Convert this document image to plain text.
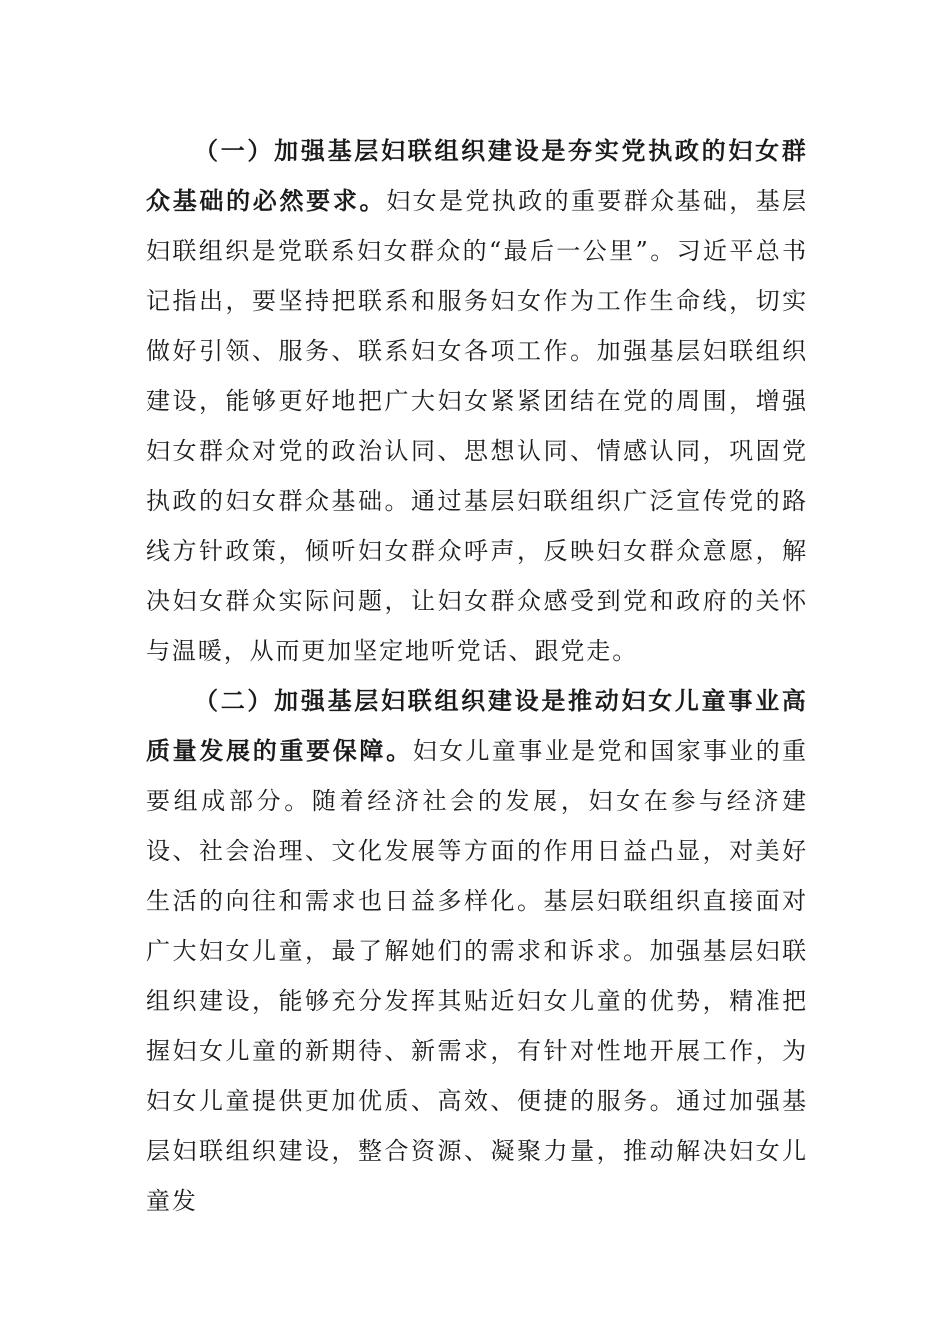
（一）加强基层妇联组织建设是夯实党执政的妇女群众基础的必然要求。妇女是党执政的重要群众基础，基层妇联组织是党联系妇女群众的“最后一公里”。习近平总书记指出，要坚持把联系和服务妇女作为工作生命线，切实做好引领、服务、联系妇女各项工作。加强基层妇联组织建设，能够更好地把广大妇女紧紧团结在党的周围，增强妇女群众对党的政治认同、思想认同、情感认同，巩固党执政的妇女群众基础。通过基层妇联组织广泛宣传党的路线方针政策，倾听妇女群众呼声，反映妇女群众意愿，解决妇女群众实际问题，让妇女群众感受到党和政府的关怀与温暖，从而更加坚定地听党话、跟党走。

（二）加强基层妇联组织建设是推动妇女儿童事业高质量发展的重要保障。妇女儿童事业是党和国家事业的重要组成部分。随着经济社会的发展，妇女在参与经济建设、社会治理、文化发展等方面的作用日益凸显，对美好生活的向往和需求也日益多样化。基层妇联组织直接面对广大妇女儿童，最了解她们的需求和诉求。加强基层妇联组织建设，能够充分发挥其贴近妇女儿童的优势，精准把握妇女儿童的新期待、新需求，有针对性地开展工作，为妇女儿童提供更加优质、高效、便捷的服务。通过加强基层妇联组织建设，整合资源、凝聚力量，推动解决妇女儿童发
